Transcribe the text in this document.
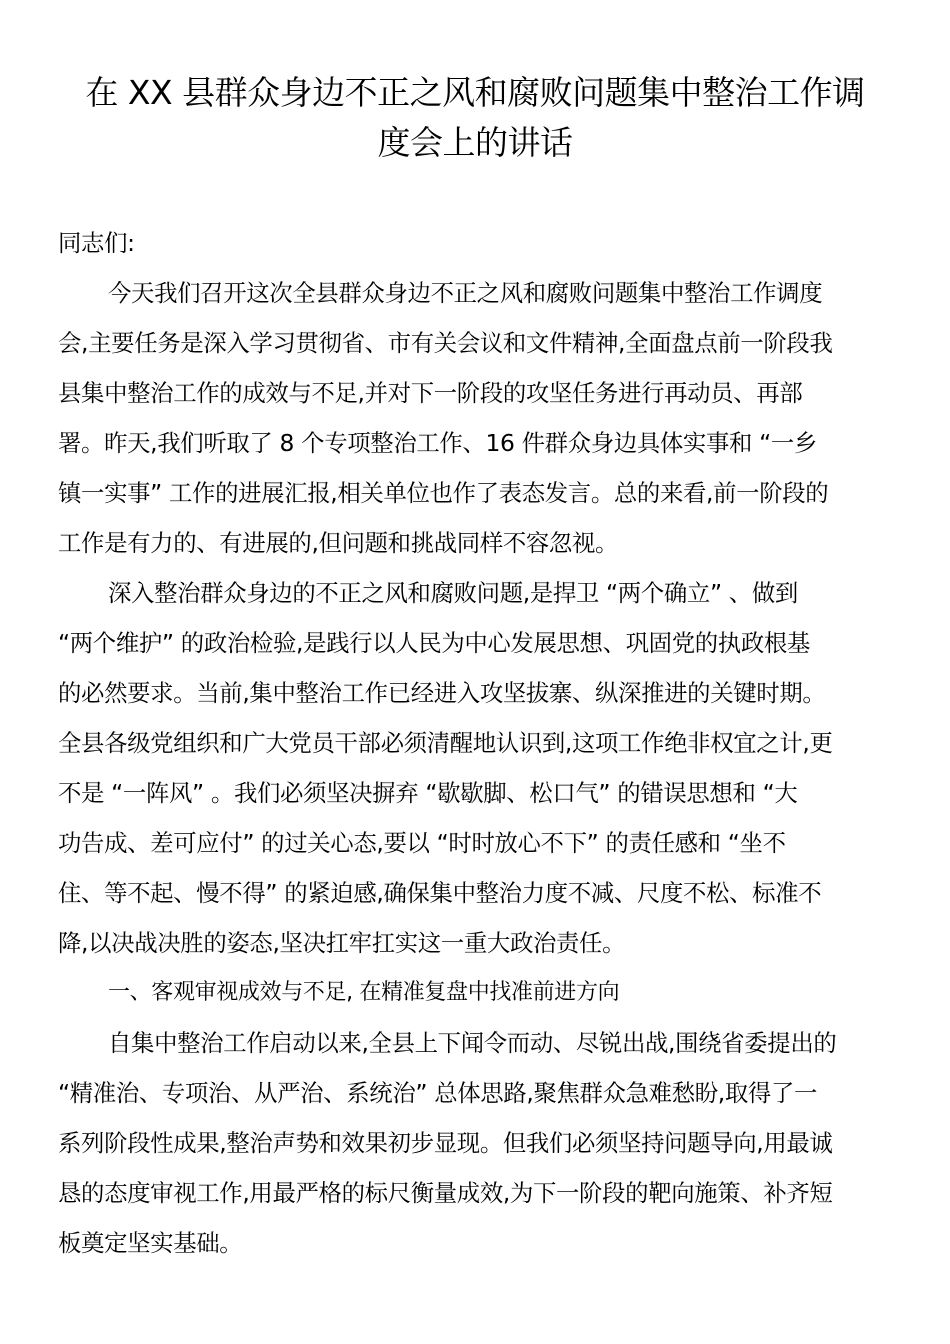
在 XX 县群众身边不正之风和腐败问题集中整治工作调
度会上的讲话
同志们:
今天我们召开这次全县群众身边不正之风和腐败问题集中整治工作调度
会,主要任务是深入学习贯彻省、市有关会议和文件精神,全面盘点前一阶段我
县集中整治工作的成效与不足,并对下一阶段的攻坚任务进行再动员、再部
署。昨天,我们听取了 8 个专项整治工作、16 件群众身边具体实事和 “一乡
镇一实事” 工作的进展汇报,相关单位也作了表态发言。总的来看,前一阶段的
工作是有力的、有进展的,但问题和挑战同样不容忽视。
深入整治群众身边的不正之风和腐败问题,是捍卫 “两个确立” 、做到
“两个维护” 的政治检验,是践行以人民为中心发展思想、巩固党的执政根基
的必然要求。当前,集中整治工作已经进入攻坚拔寨、纵深推进的关键时期。
全县各级党组织和广大党员干部必须清醒地认识到,这项工作绝非权宜之计,更
不是 “一阵风” 。我们必须坚决摒弃 “歇歇脚、松口气” 的错误思想和 “大
功告成、差可应付” 的过关心态,要以 “时时放心不下” 的责任感和 “坐不
住、等不起、慢不得” 的紧迫感,确保集中整治力度不减、尺度不松、标准不
降,以决战决胜的姿态,坚决扛牢扛实这一重大政治责任。
一、客观审视成效与不足, 在精准复盘中找准前进方向
自集中整治工作启动以来,全县上下闻令而动、尽锐出战,围绕省委提出的
“精准治、专项治、从严治、系统治” 总体思路,聚焦群众急难愁盼,取得了一
系列阶段性成果,整治声势和效果初步显现。但我们必须坚持问题导向,用最诚
恳的态度审视工作,用最严格的标尺衡量成效,为下一阶段的靶向施策、补齐短
板奠定坚实基础。
